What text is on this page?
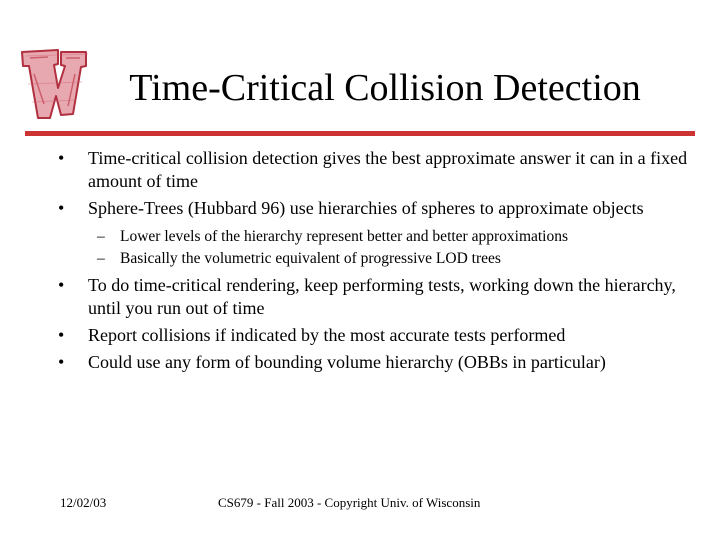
Time-Critical Collision Detection
• Time-critical collision detection gives the best approximate answer it can in a fixed amount of time
• Sphere-Trees (Hubbard 96) use hierarchies of spheres to approximate objects
– Lower levels of the hierarchy represent better and better approximations
– Basically the volumetric equivalent of progressive LOD trees
• To do time-critical rendering, keep performing tests, working down the hierarchy, until you run out of time
• Report collisions if indicated by the most accurate tests performed
• Could use any form of bounding volume hierarchy (OBBs in particular)
12/02/03	CS679 - Fall 2003 - Copyright Univ. of Wisconsin
